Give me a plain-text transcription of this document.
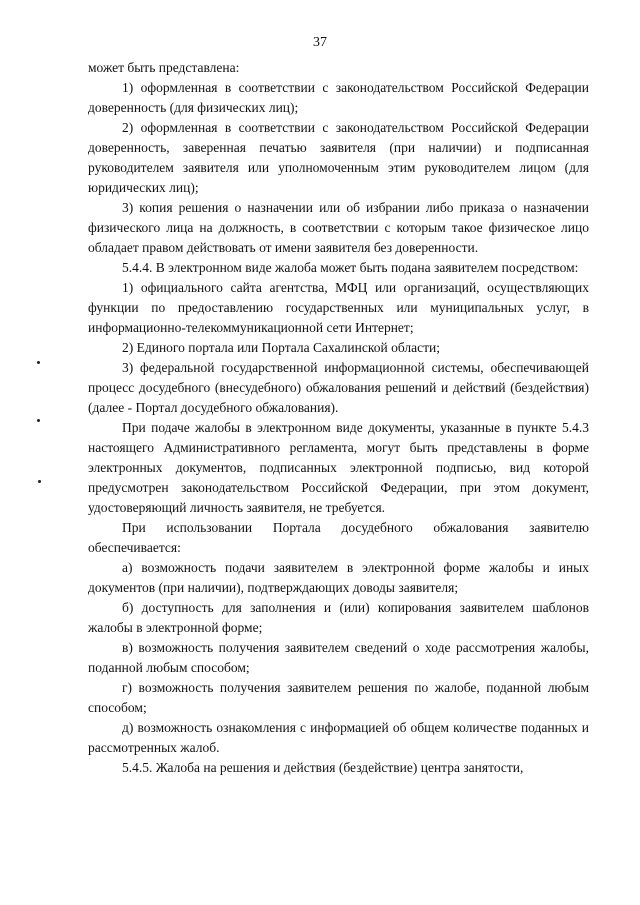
37

может быть представлена:

1) оформленная в соответствии с законодательством Российской Федерации доверенность (для физических лиц);

2) оформленная в соответствии с законодательством Российской Федерации доверенность, заверенная печатью заявителя (при наличии) и подписанная руководителем заявителя или уполномоченным этим руководителем лицом (для юридических лиц);

3) копия решения о назначении или об избрании либо приказа о назначении физического лица на должность, в соответствии с которым такое физическое лицо обладает правом действовать от имени заявителя без доверенности.

5.4.4. В электронном виде жалоба может быть подана заявителем посредством:

1) официального сайта агентства, МФЦ или организаций, осуществляющих функции по предоставлению государственных или муниципальных услуг, в информационно-телекоммуникационной сети Интернет;

2) Единого портала или Портала Сахалинской области;

3) федеральной государственной информационной системы, обеспечивающей процесс досудебного (внесудебного) обжалования решений и действий (бездействия) (далее - Портал досудебного обжалования).

При подаче жалобы в электронном виде документы, указанные в пункте 5.4.3 настоящего Административного регламента, могут быть представлены в форме электронных документов, подписанных электронной подписью, вид которой предусмотрен законодательством Российской Федерации, при этом документ, удостоверяющий личность заявителя, не требуется.

При использовании Портала досудебного обжалования заявителю обеспечивается:

а) возможность подачи заявителем в электронной форме жалобы и иных документов (при наличии), подтверждающих доводы заявителя;

б) доступность для заполнения и (или) копирования заявителем шаблонов жалобы в электронной форме;

в) возможность получения заявителем сведений о ходе рассмотрения жалобы, поданной любым способом;

г) возможность получения заявителем решения по жалобе, поданной любым способом;

д) возможность ознакомления с информацией об общем количестве поданных и рассмотренных жалоб.

5.4.5. Жалоба на решения и действия (бездействие) центра занятости,
